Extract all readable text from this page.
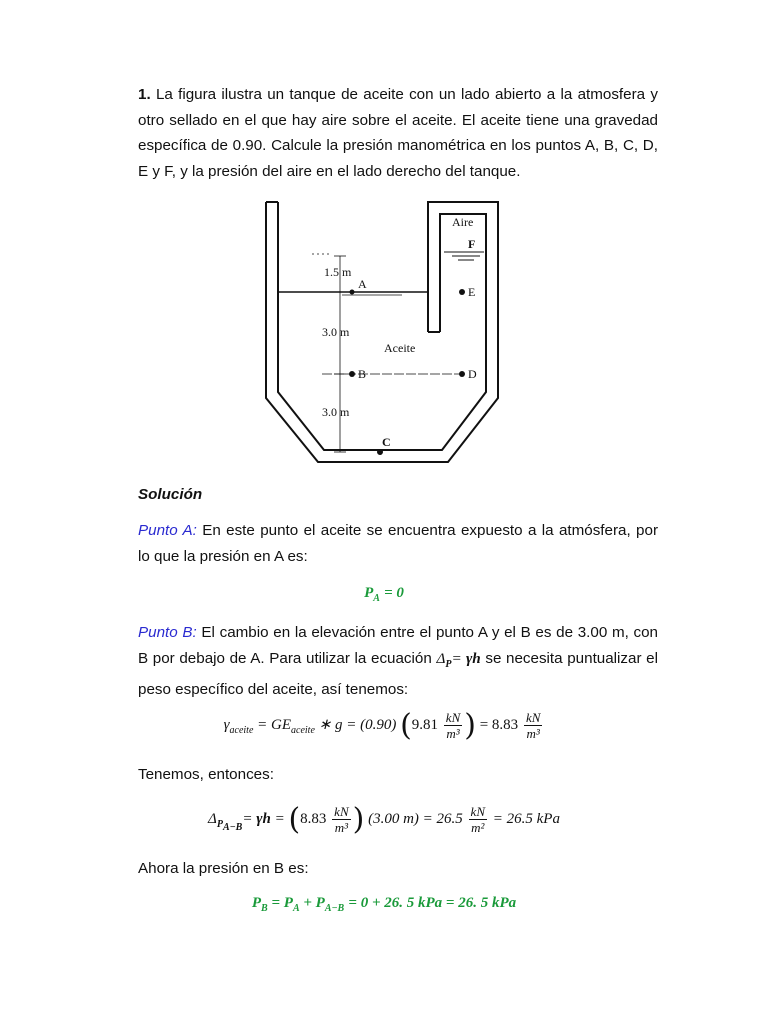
1. La figura ilustra un tanque de aceite con un lado abierto a la atmosfera y otro sellado en el que hay aire sobre el aceite. El aceite tiene una gravedad específica de 0.90. Calcule la presión manométrica en los puntos A, B, C, D, E y F, y la presión del aire en el lado derecho del tanque.
Aire
F
1.5 m
A
E
3.0 m
Aceite
B	D
3.0 m
C
Solución
Punto A: En este punto el aceite se encuentra expuesto a la atmósfera, por lo que la presión en A es:
$P_A = 0$
Punto B: El cambio en la elevación entre el punto A y el B es de 3.00 m, con B por debajo de A. Para utilizar la ecuación $\Delta_P= \gamma h$ se necesita puntualizar el peso específico del aceite, así tenemos:
$\gamma_{aceite} = GE_{aceite}$ ∗ g = (0.90) ($9.81 \frac{kN}{\text{m³}}$ ) = $8.83 \frac{kN}{\text{m³}}$
Tenemos, entonces:
$\Delta_{P_{A-B}}= \gamma h = (8.83 \frac{kN}{\text{m³}}$ ) (3.00 $m) = 26.5 \frac{kN}{\text{m²}} = 26.5$ kPa
Ahora la presión en B es:
$P_B = P_A + P_{A-B} = 0 + 26$. 5 kPa = 26. 5 kPa
